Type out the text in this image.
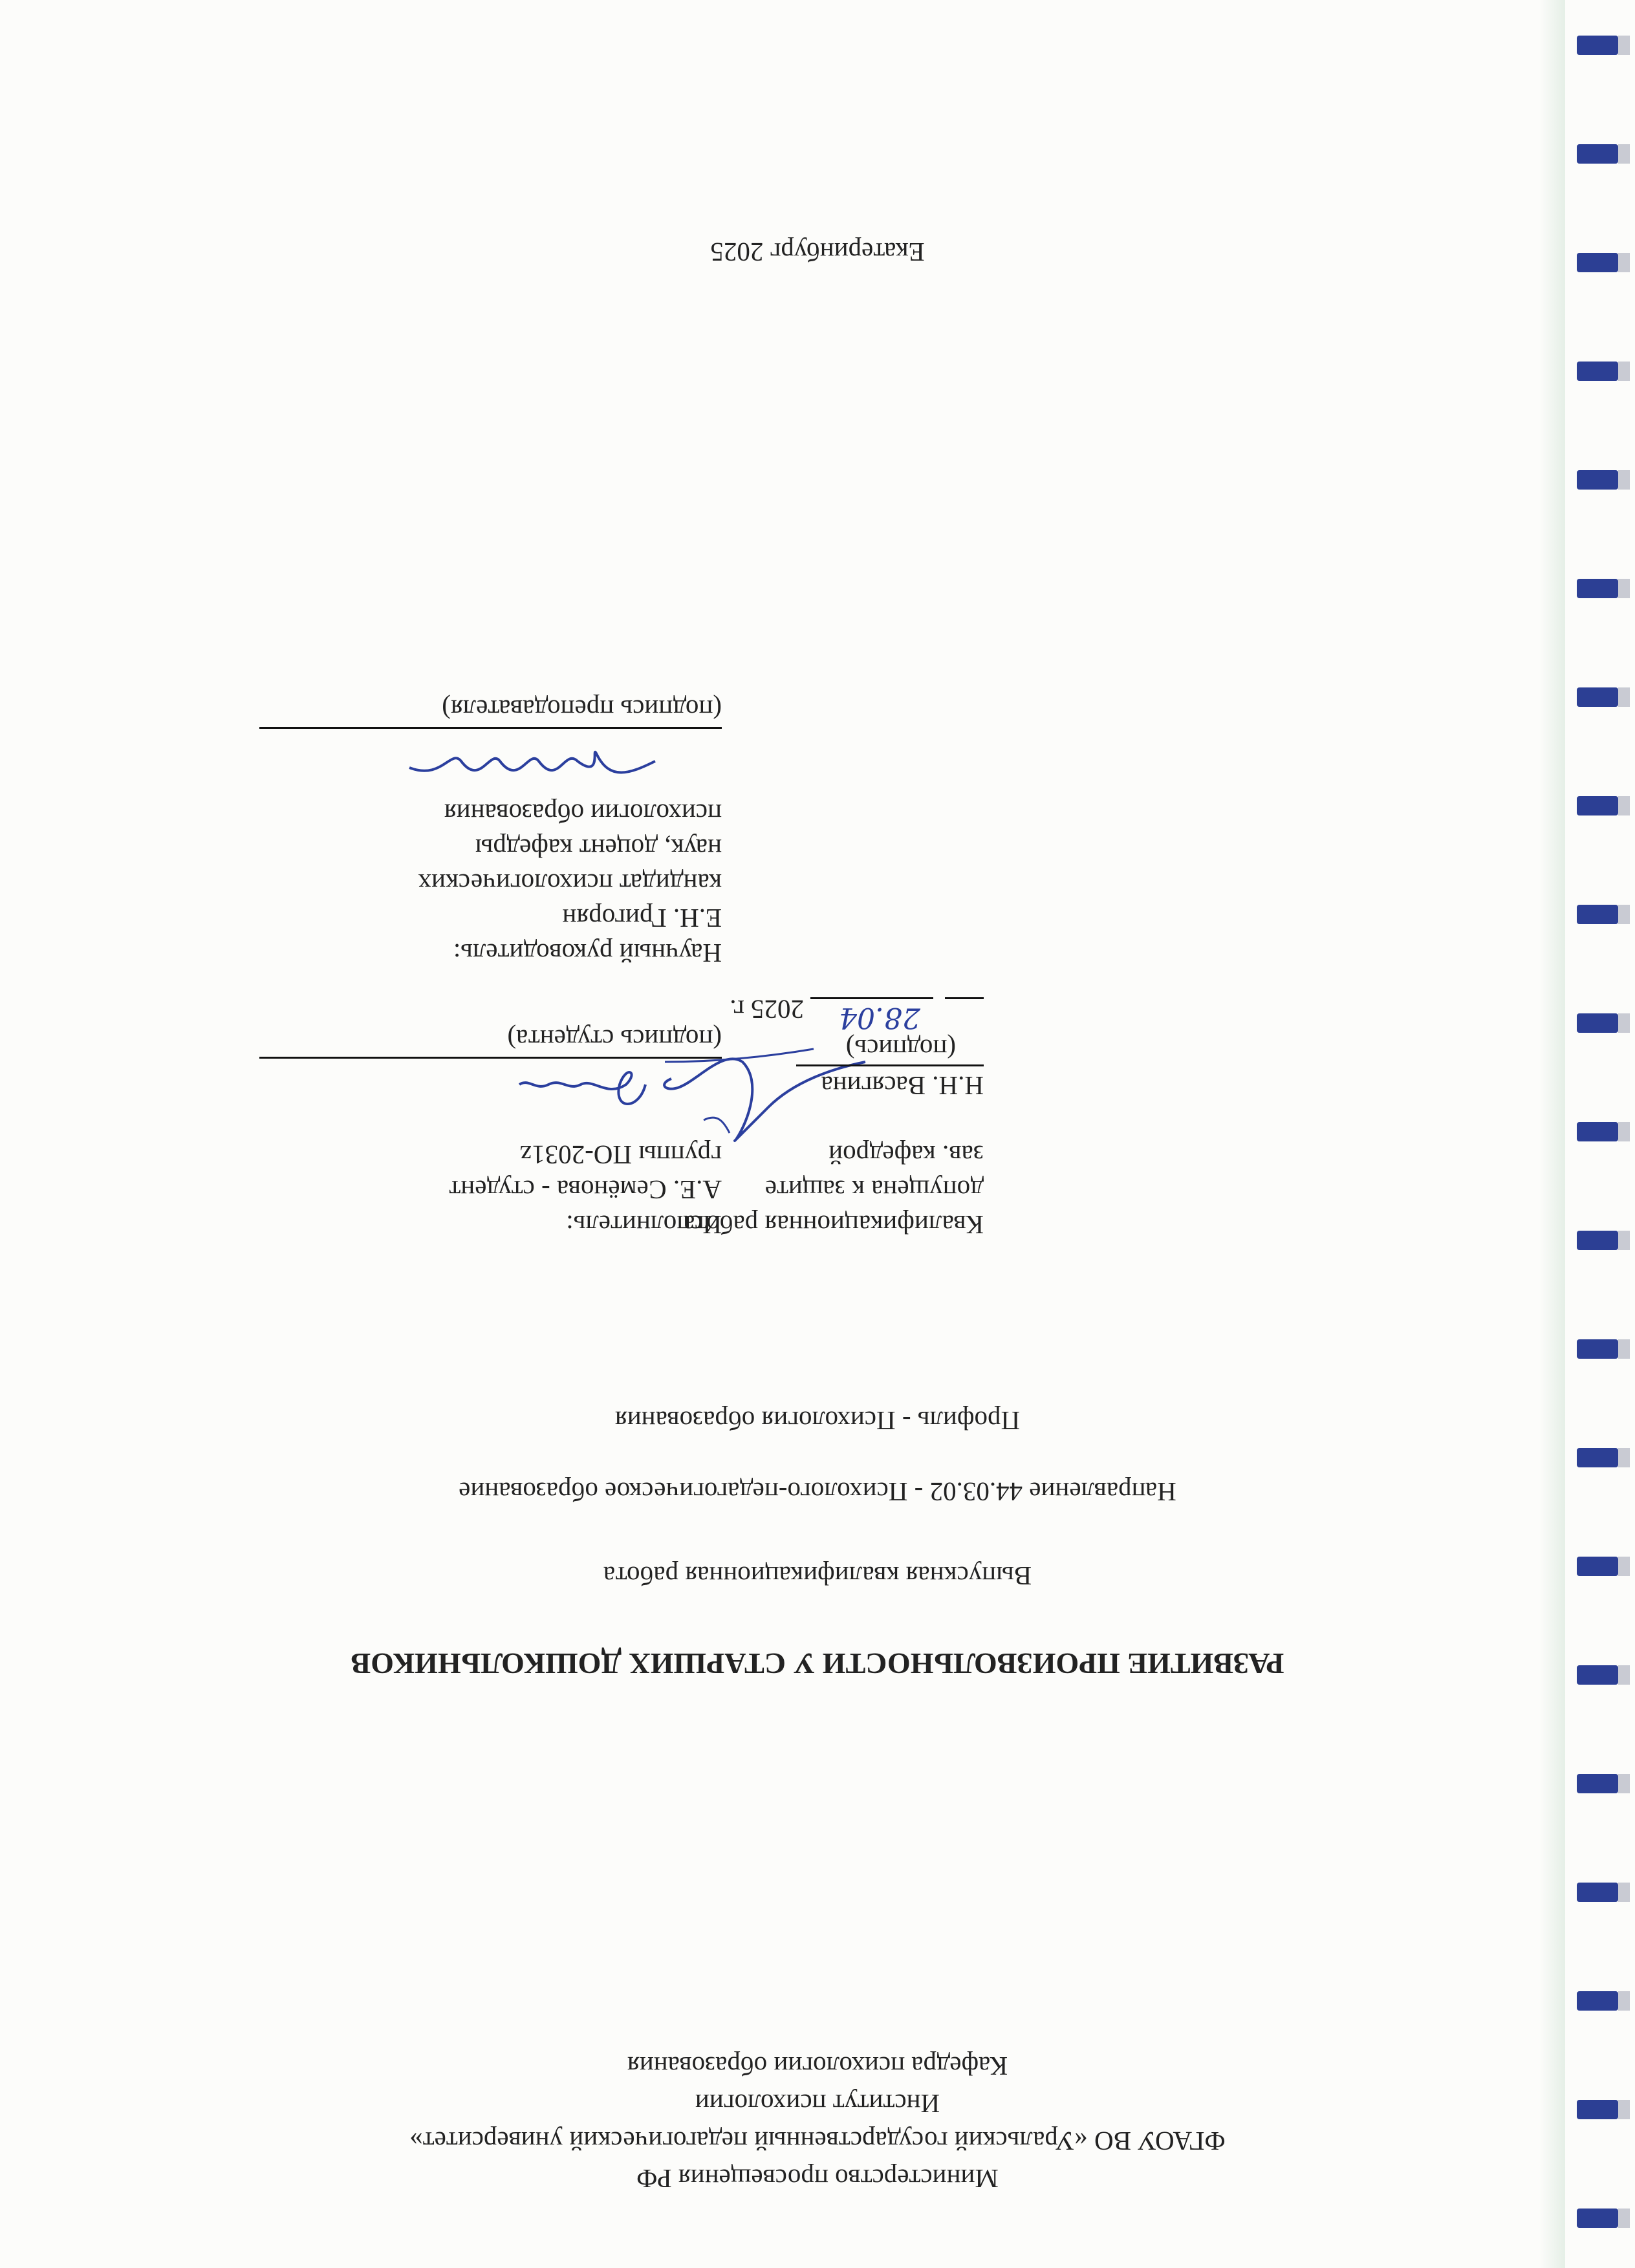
Министерство просвещения РФ
ФГАОУ ВО «Уральский государственный педагогический университет»
Институт психологии
Кафедра психологии образования
РАЗВИТИЕ ПРОИЗВОЛЬНОСТИ У СТАРШИХ ДОШКОЛЬНИКОВ
Выпускная квалификационная работа
Направление 44.03.02 - Психолого-педагогическое образование
Профиль - Психология образования
Квалификационная работа
допущена к защите
зав. кафедрой
Н.Н. Васягина
(подпись)
28.04
2025 г.
Исполнитель:
А.Е. Семёнова - студент
группы ПО-2031z
(подпись студента)
Научный руководитель:
Е.Н. Григорян
кандидат психологических
наук, доцент кафедры
психологии образования
(подпись преподавателя)
Екатеринбург 2025
